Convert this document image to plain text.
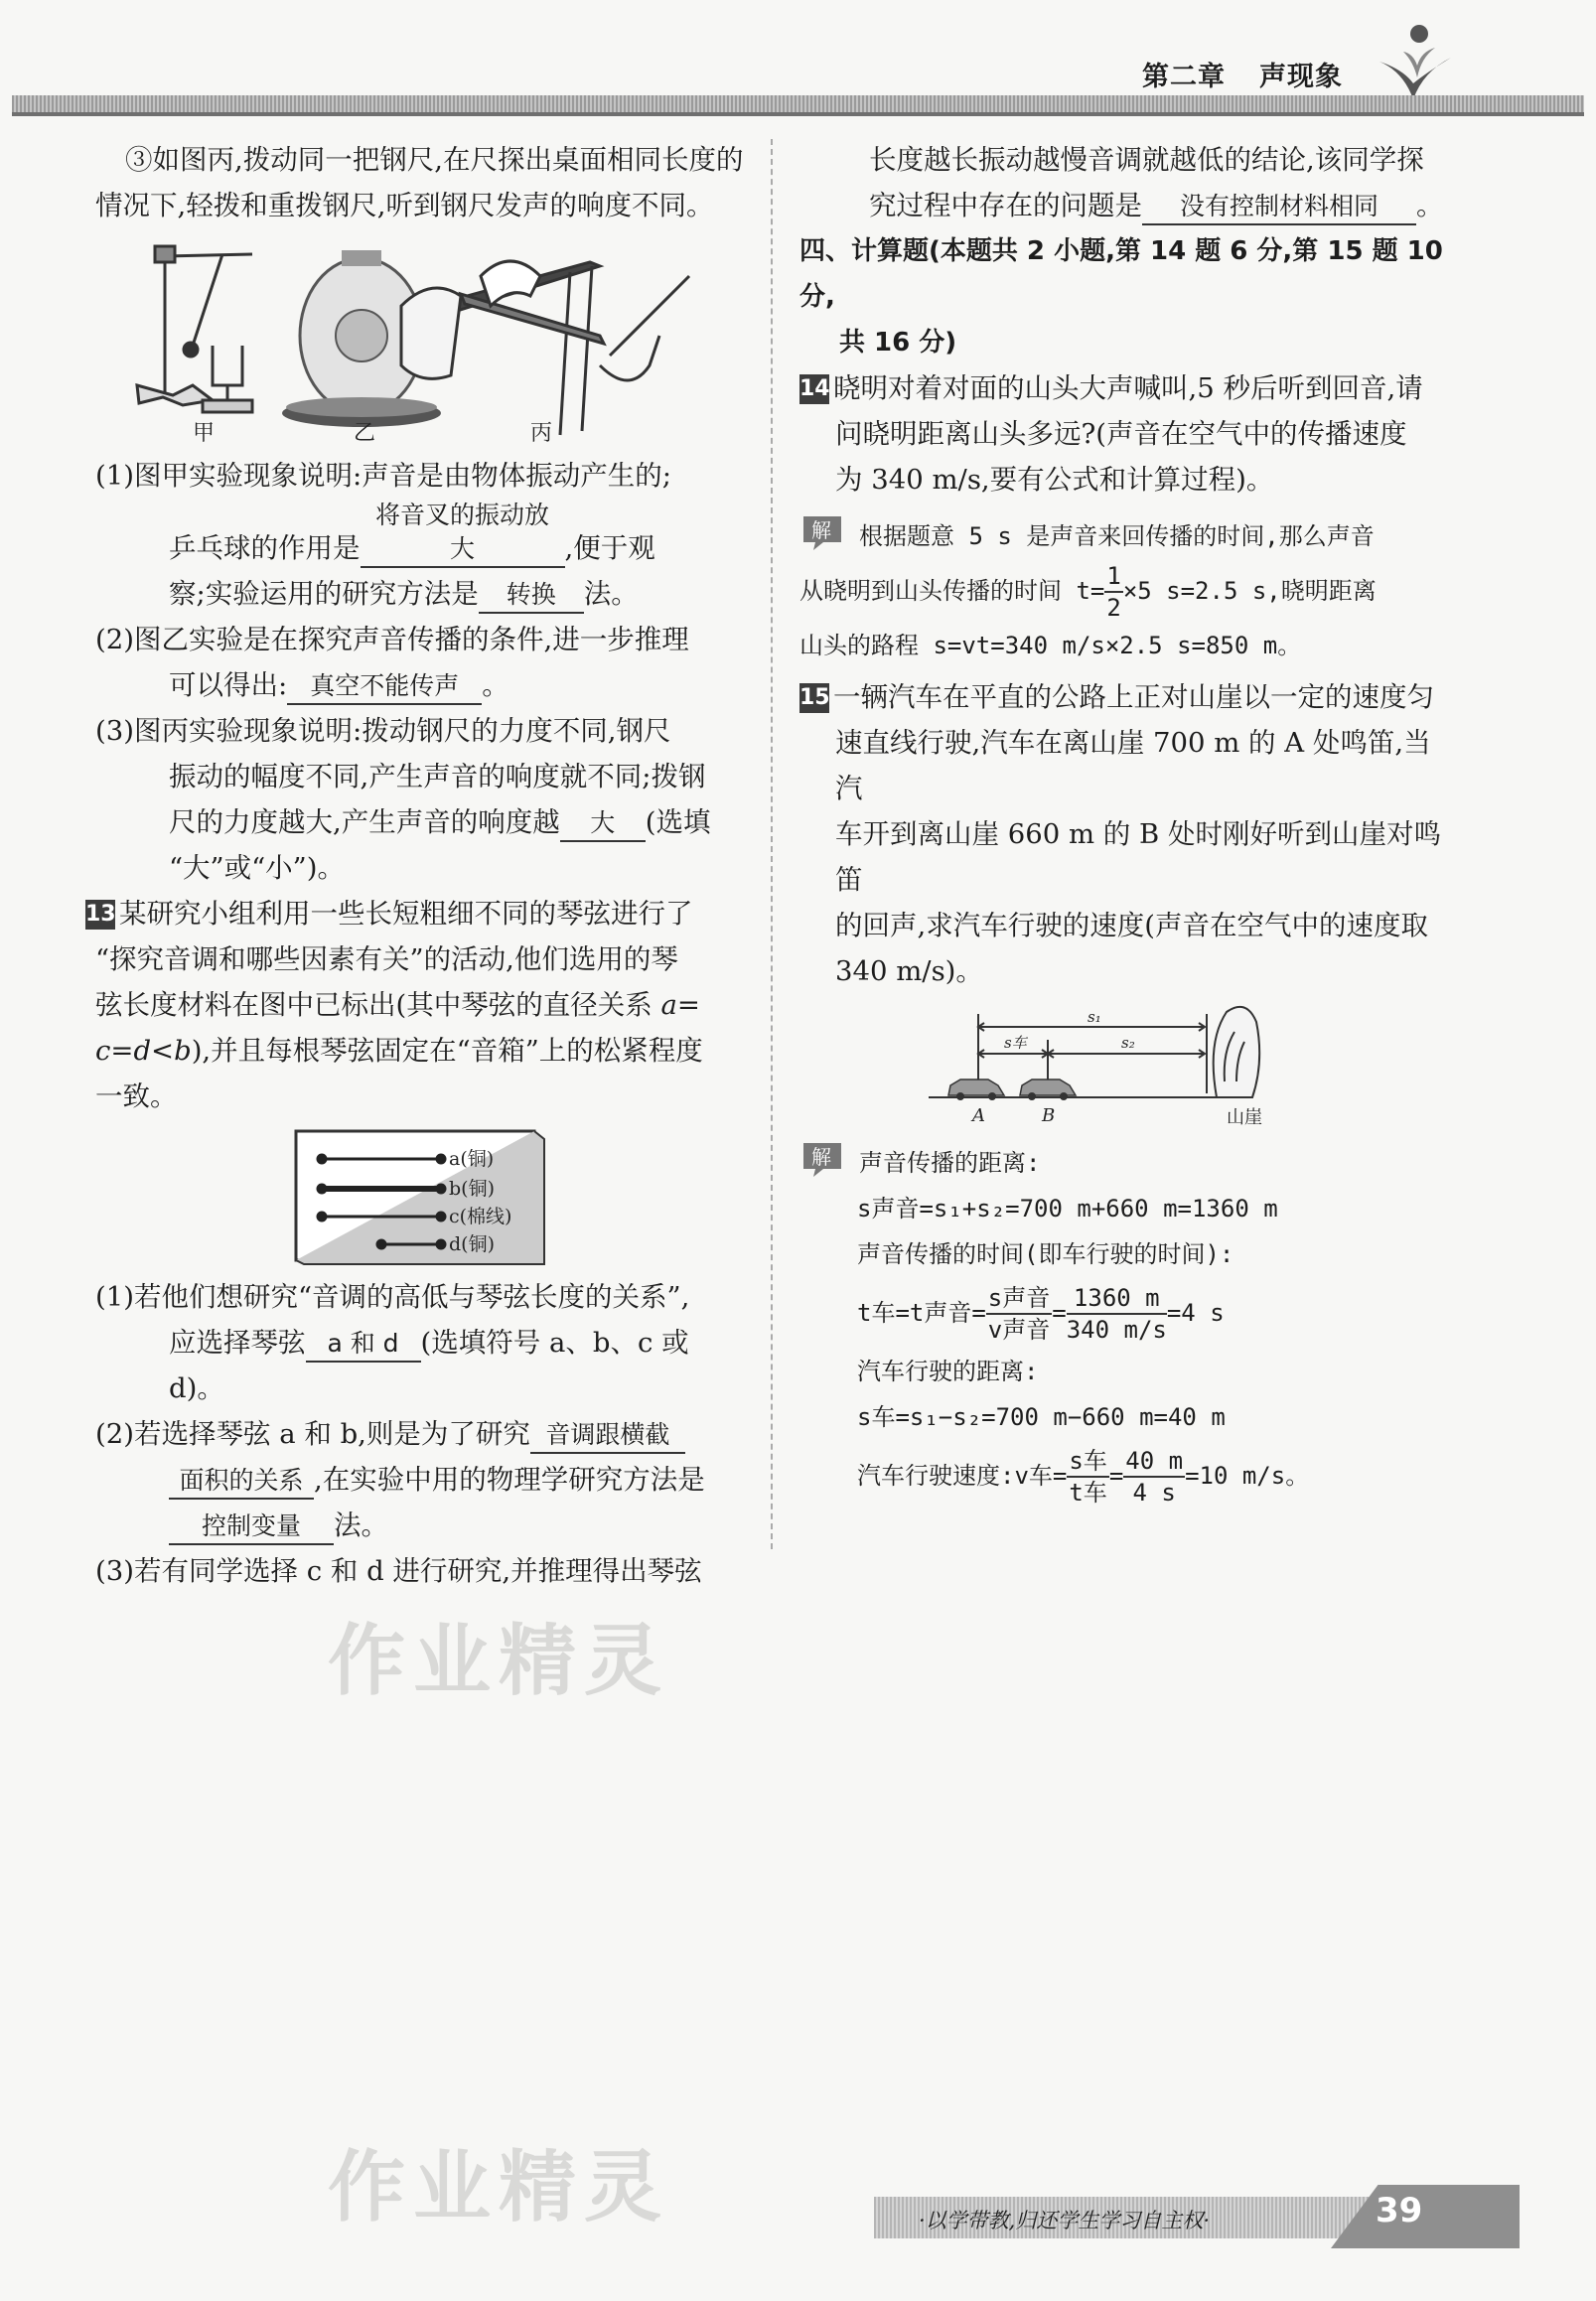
第二章 声现象

③如图丙,拨动同一把钢尺,在尺探出桌面相同长度的

情况下,轻拨和重拨钢尺,听到钢尺发声的响度不同。

甲	乙	丙

(1)图甲实验现象说明:声音是由物体振动产生的;

乒乓球的作用是将音叉的振动放大	,便于观

察;实验运用的研究方法是 转换 法。

(2)图乙实验是在探究声音传播的条件,进一步推理

可以得出: 真空不能传声 。

(3)图丙实验现象说明:拨动钢尺的力度不同,钢尺

振动的幅度不同,产生声音的响度就不同;拨钢

尺的力度越大,产生声音的响度越 大 (选填

“大”或“小”)。

13 某研究小组利用一些长短粗细不同的琴弦进行了

“探究音调和哪些因素有关”的活动,他们选用的琴

弦长度材料在图中已标出(其中琴弦的直径关系 a=

c=d<b),并且每根琴弦固定在“音箱”上的松紧程度

一致。

a(铜)
b(铜)
c(棉线)
d(铜)

(1)若他们想研究“音调的高低与琴弦长度的关系”,

应选择琴弦 a 和 d (选填符号 a、b、c 或 d)。

(2)若选择琴弦 a 和 b,则是为了研究 音调跟横截

面积的关系 ,在实验中用的物理学研究方法是

控制变量 法。

(3)若有同学选择 c 和 d 进行研究,并推理得出琴弦

长度越长振动越慢音调就越低的结论,该同学探

究过程中存在的问题是 没有控制材料相同 。

四、计算题(本题共 2 小题,第 14 题 6 分,第 15 题 10 分,

共 16 分)

14 晓明对着对面的山头大声喊叫,5 秒后听到回音,请

问晓明距离山头多远?(声音在空气中的传播速度

为 340 m/s,要有公式和计算过程)。

解 根据题意 5 s 是声音来回传播的时间,那么声音

从晓明到山头传播的时间 $t= \frac{1}{2} \times 5$ s=2.5 s,晓明距离

山头的路程 s=vt=340 m/s×2.5 s=850 m。

15 一辆汽车在平直的公路上正对山崖以一定的速度匀

速直线行驶,汽车在离山崖 700 m 的 A 处鸣笛,当汽

车开到离山崖 660 m 的 B 处时刚好听到山崖对鸣笛

的回声,求汽车行驶的速度(声音在空气中的速度取

340 m/s)。

s₁
s车	s₂
A	B	山崖

解 声音传播的距离:

s声音=s₁+s₂=700 m+660 m=1360 m

声音传播的时间(即车行驶的时间):

t车=t声音= $\frac{\text{s声音}}{\text{v声音}} = \frac{1360 m}{340 m/s} =4$ s

汽车行驶的距离:

s车=s₁−s₂=700 m−660 m=40 m

汽车行驶速度:v车= $\frac{\text{s车}}{\text{t车}} = \frac{40 m}{4 s} =10$ m/s。

作业精灵
作业精灵	·以学带教,归还学生学习自主权·	39
